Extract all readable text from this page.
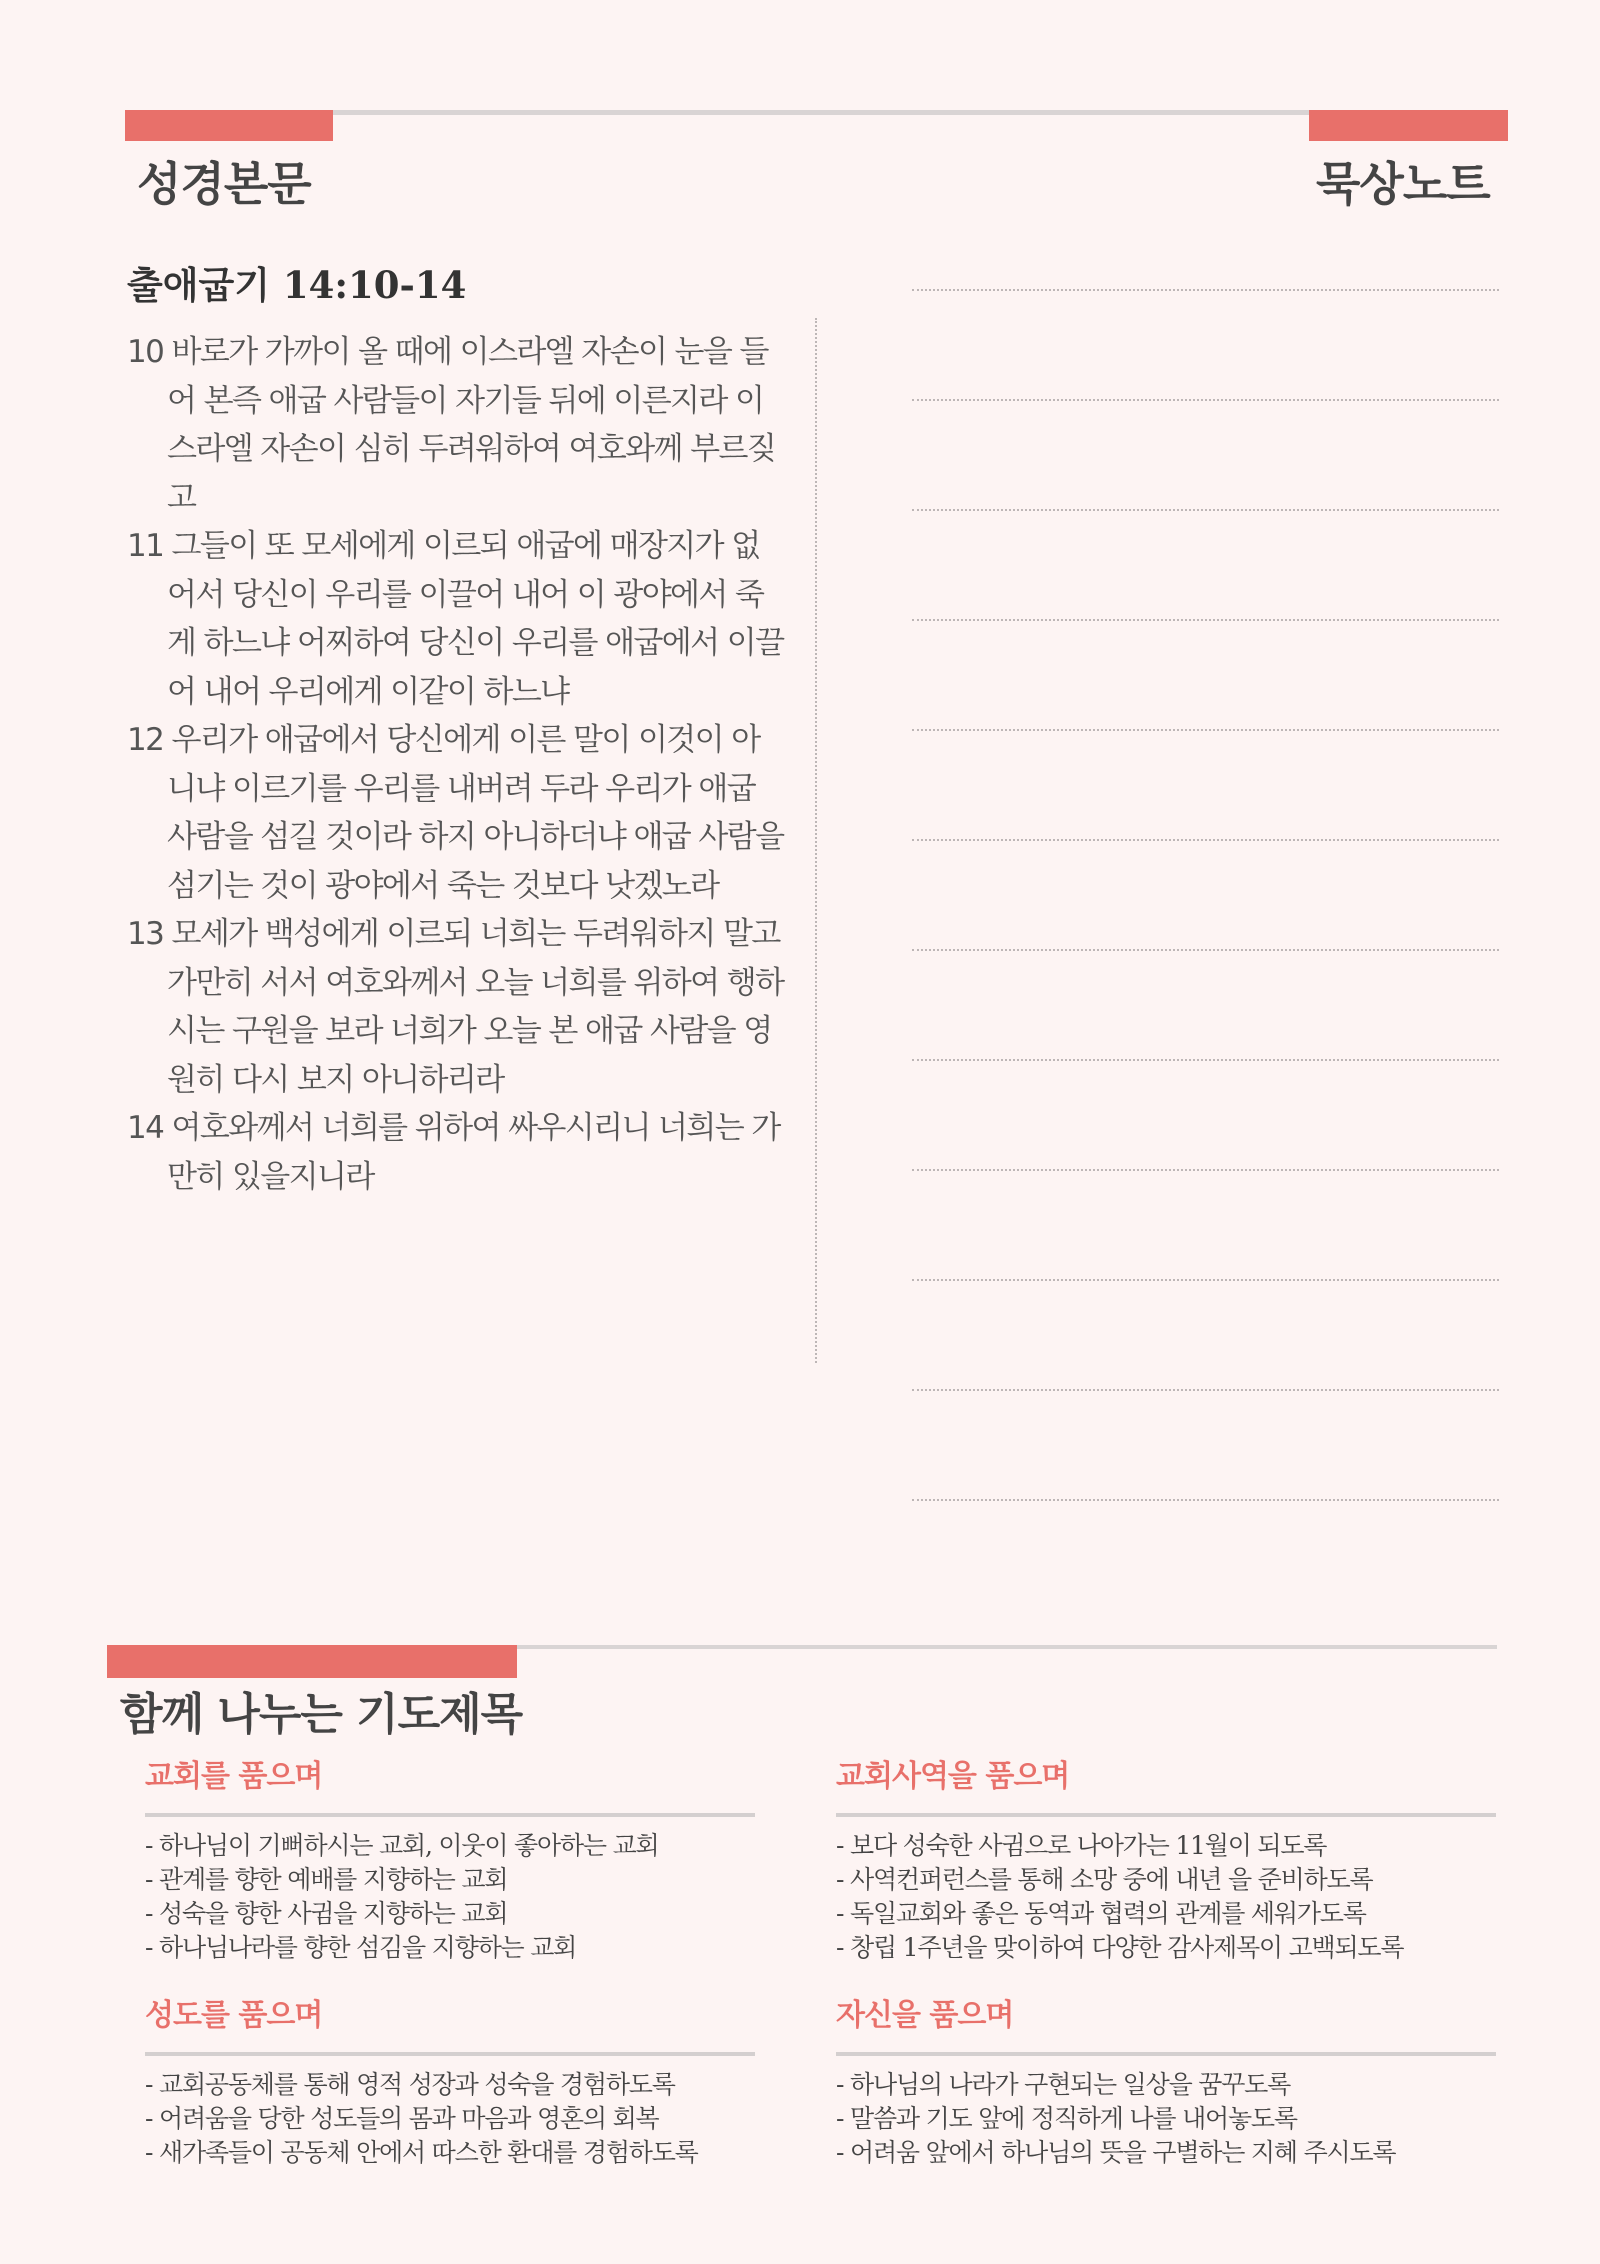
성경본문	묵상노트
출애굽기 14:10-14

10 바로가 가까이 올 때에 이스라엘 자손이 눈을 들어 본즉 애굽 사람들이 자기들 뒤에 이른지라 이스라엘 자손이 심히 두려워하여 여호와께 부르짖고

11 그들이 또 모세에게 이르되 애굽에 매장지가 없어서 당신이 우리를 이끌어 내어 이 광야에서 죽게 하느냐 어찌하여 당신이 우리를 애굽에서 이끌어 내어 우리에게 이같이 하느냐

12 우리가 애굽에서 당신에게 이른 말이 이것이 아니냐 이르기를 우리를 내버려 두라 우리가 애굽 사람을 섬길 것이라 하지 아니하더냐 애굽 사람을 섬기는 것이 광야에서 죽는 것보다 낫겠노라

13 모세가 백성에게 이르되 너희는 두려워하지 말고 가만히 서서 여호와께서 오늘 너희를 위하여 행하시는 구원을 보라 너희가 오늘 본 애굽 사람을 영원히 다시 보지 아니하리라

14 여호와께서 너희를 위하여 싸우시리니 너희는 가만히 있을지니라

함께 나누는 기도제목
교회를 품으며
- 하나님이 기뻐하시는 교회, 이웃이 좋아하는 교회
- 관계를 향한 예배를 지향하는 교회
- 성숙을 향한 사귐을 지향하는 교회
- 하나님나라를 향한 섬김을 지향하는 교회
교회사역을 품으며
- 보다 성숙한 사귐으로 나아가는 11월이 되도록
- 사역컨퍼런스를 통해 소망 중에 내년 을 준비하도록
- 독일교회와 좋은 동역과 협력의 관계를 세워가도록
- 창립 1주년을 맞이하여 다양한 감사제목이 고백되도록
성도를 품으며
- 교회공동체를 통해 영적 성장과 성숙을 경험하도록
- 어려움을 당한 성도들의 몸과 마음과 영혼의 회복
- 새가족들이 공동체 안에서 따스한 환대를 경험하도록
자신을 품으며
- 하나님의 나라가 구현되는 일상을 꿈꾸도록
- 말씀과 기도 앞에 정직하게 나를 내어놓도록
- 어려움 앞에서 하나님의 뜻을 구별하는 지혜 주시도록
